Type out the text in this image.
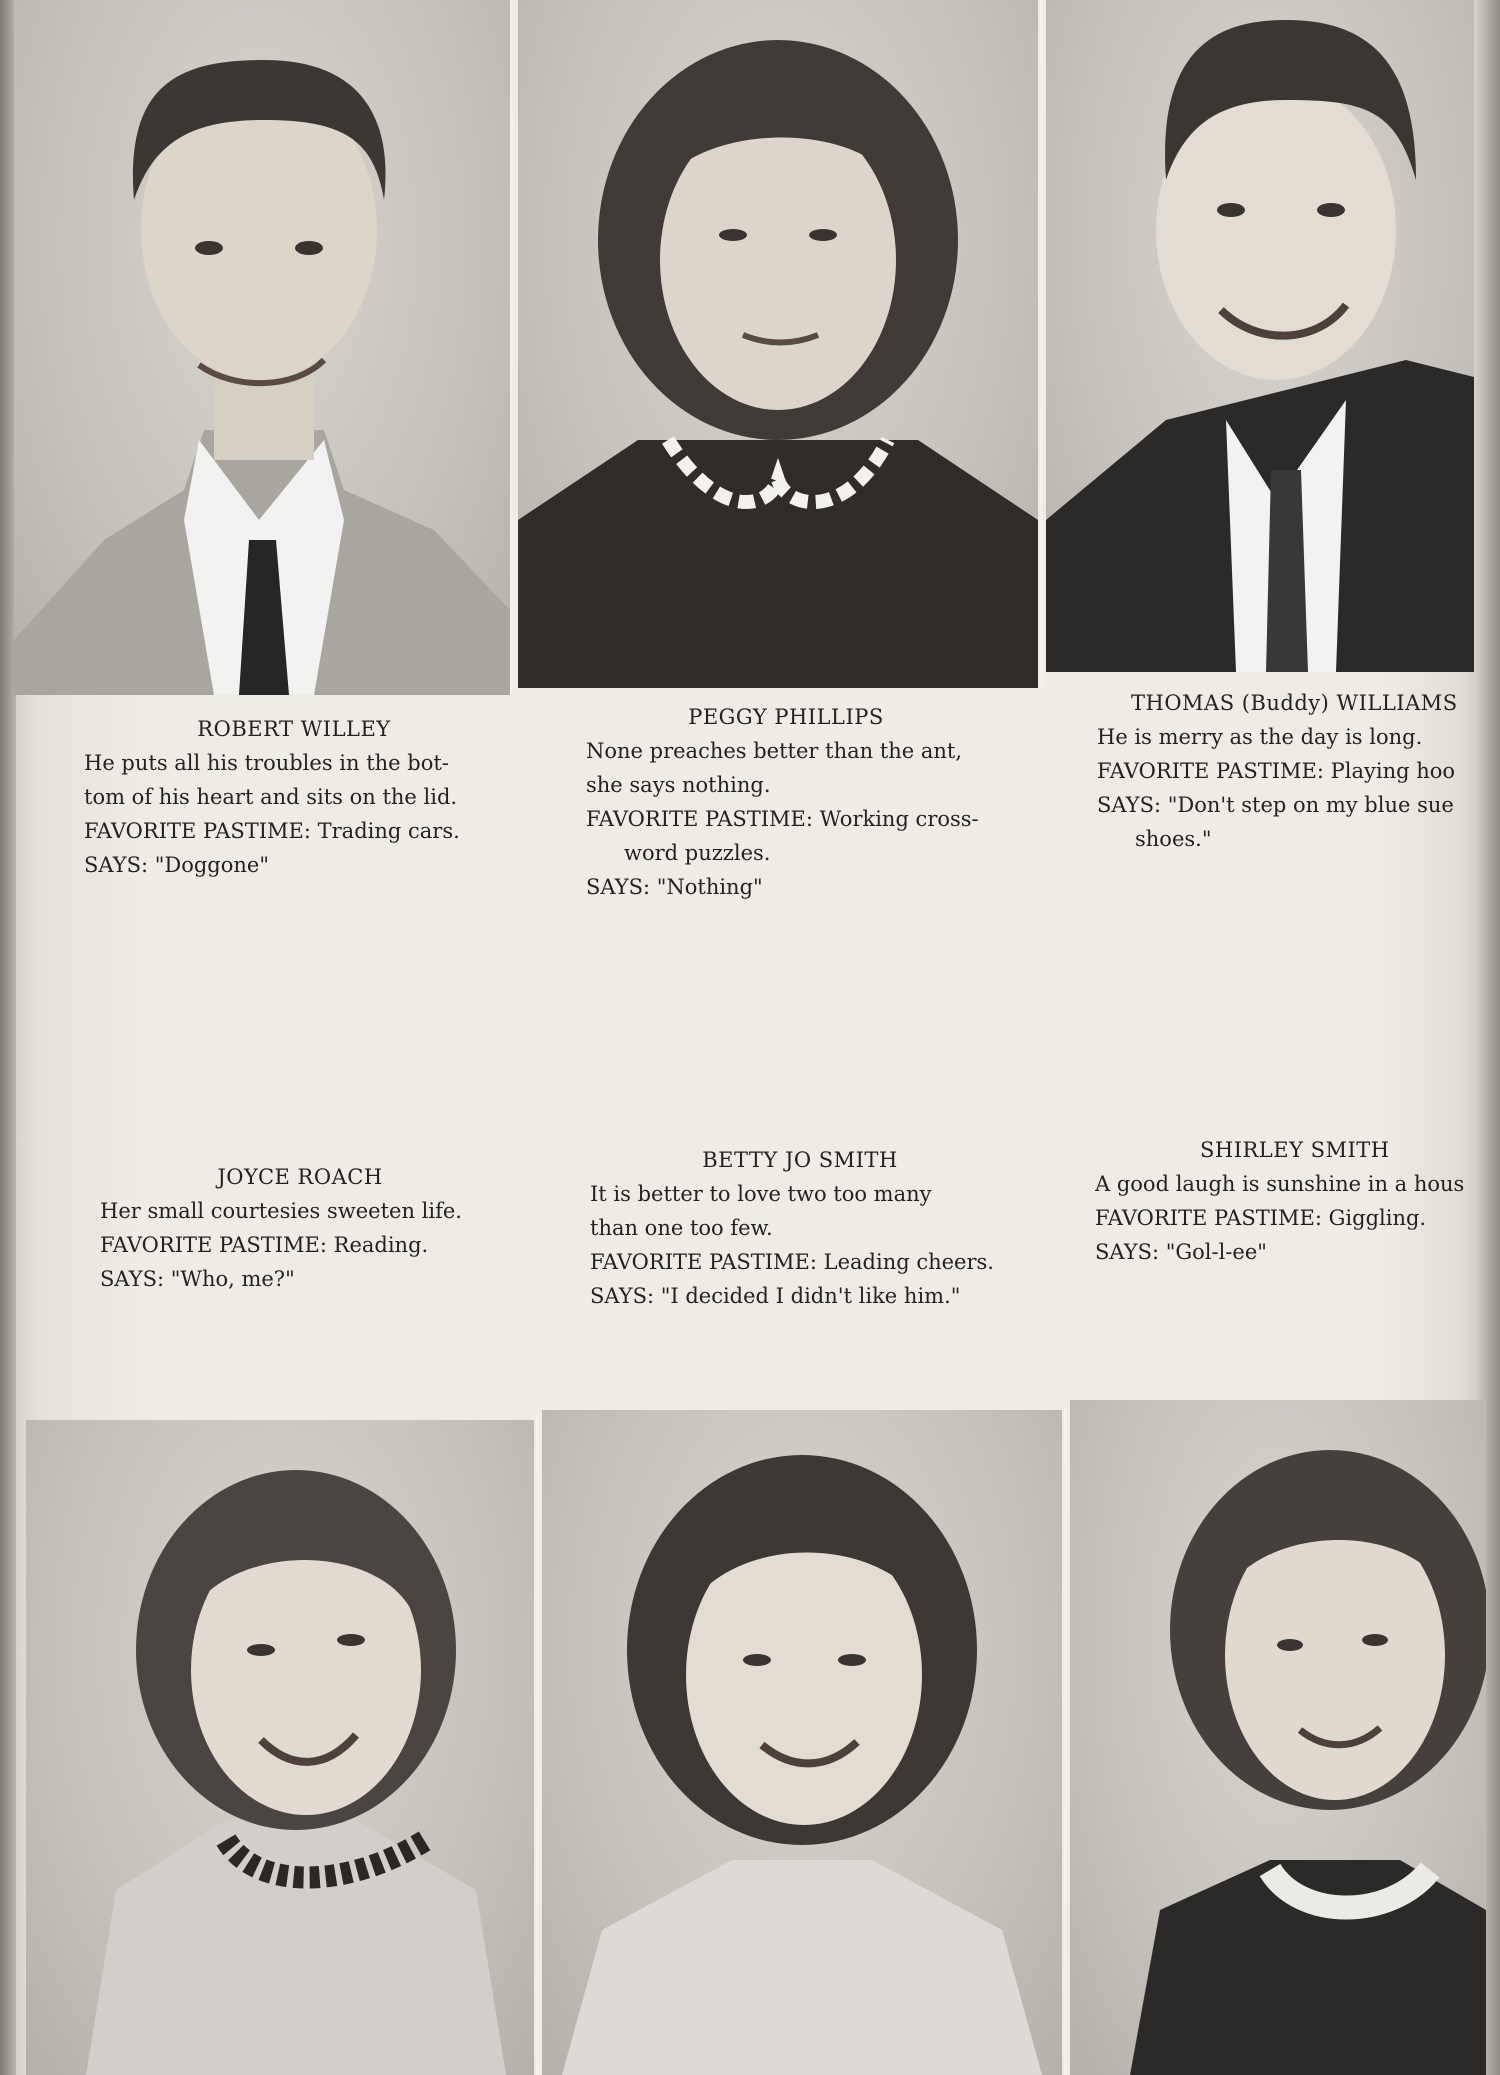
ROBERT WILLEY
He puts all his troubles in the bot-
tom of his heart and sits on the lid.
FAVORITE PASTIME: Trading cars.
SAYS: "Doggone"
PEGGY PHILLIPS
None preaches better than the ant,
she says nothing.
FAVORITE PASTIME: Working cross-
word puzzles.
SAYS: "Nothing"
THOMAS (Buddy) WILLIAMS
He is merry as the day is long.
FAVORITE PASTIME: Playing hoo
SAYS: "Don't step on my blue sue
shoes."
JOYCE ROACH
Her small courtesies sweeten life.
FAVORITE PASTIME: Reading.
SAYS: "Who, me?"
BETTY JO SMITH
It is better to love two too many
than one too few.
FAVORITE PASTIME: Leading cheers.
SAYS: "I decided I didn't like him."
SHIRLEY SMITH
A good laugh is sunshine in a hous
FAVORITE PASTIME: Giggling.
SAYS: "Gol-l-ee"
